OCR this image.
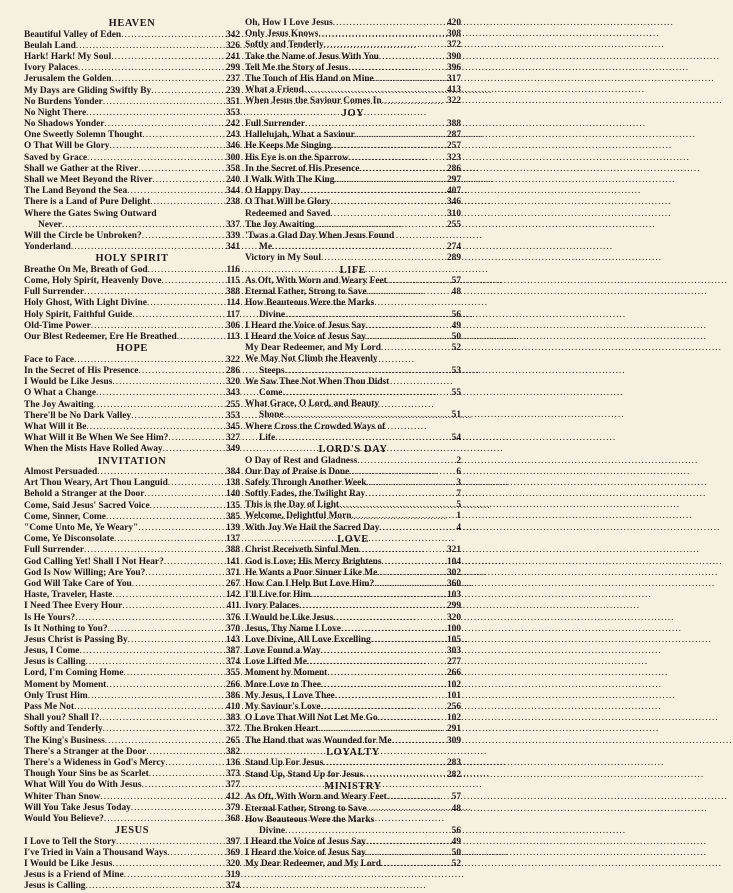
HEAVEN
Beautiful Valley of Eden .....	342
Beulah Land .....	326
Hark! Hark! My Soul .....	241
Ivory Palaces .....	299
Jerusalem the Golden .....	237
My Days are Gliding Swiftly By .....	239
No Burdens Yonder .....	351
No Night There .....	353
No Shadows Yonder .....	242
One Sweetly Solemn Thought .....	243
O That Will be Glory .....	346
Saved by Grace .....	300
Shall we Gather at the River .....	358
Shall we Meet Beyond the River .....	240
The Land Beyond the Sea .....	344
There is a Land of Pure Delight .....	238
Where the Gates Swing Outward
Never .....	337
Will the Circle be Unbroken? .....	339
Yonderland .....	341
HOLY SPIRIT
Breathe On Me, Breath of God .....	116
Come, Holy Spirit, Heavenly Dove .....	115
Full Surrender .....	388
Holy Ghost, With Light Divine .....	114
Holy Spirit, Faithful Guide .....	117
Old-Time Power .....	306
Our Blest Redeemer, Ere He Breathed .....	113
HOPE
Face to Face .....	322
In the Secret of His Presence .....	286
I Would be Like Jesus .....	320
O What a Change .....	343
The Joy Awaiting .....	255
There'll be No Dark Valley .....	353
What Will it Be .....	345
What Will it Be When We See Him? .....	327
When the Mists Have Rolled Away .....	349
INVITATION
Almost Persuaded .....	384
Art Thou Weary, Art Thou Languid .....	138
Behold a Stranger at the Door .....	140
Come, Said Jesus' Sacred Voice .....	135
Come, Sinner, Come .....	385
"Come Unto Me, Ye Weary" .....	139
Come, Ye Disconsolate .....	137
Full Surrender .....	388
God Calling Yet! Shall I Not Hear? .....	141
God Is Now Willing; Are You? .....	371
God Will Take Care of You .....	267
Haste, Traveler, Haste .....	142
I Need Thee Every Hour .....	411
Is He Yours? .....	376
Is It Nothing to You? .....	370
Jesus Christ is Passing By .....	143
Jesus, I Come .....	387
Jesus is Calling .....	374
Lord, I'm Coming Home .....	355
Moment by Moment .....	266
Only Trust Him .....	386
Pass Me Not .....	410
Shall you? Shall I? .....	383
Softly and Tenderly .....	372
The King's Business .....	265
There's a Stranger at the Door .....	382
There's a Wideness in God's Mercy .....	136
Though Your Sins be as Scarlet .....	373
What Will You do With Jesus .....	377
Whiter Than Snow .....	412
Will You Take Jesus Today .....	379
Would You Believe? .....	368
JESUS
I Love to Tell the Story .....	397
I've Tried in Vain a Thousand Ways .....	369
I Would be Like Jesus .....	320
Jesus is a Friend of Mine .....	319
Jesus is Calling .....	374
Oh, How I Love Jesus .....	420
Only Jesus Knows .....	308
Softly and Tenderly .....	372
Take the Name of Jesus With You .....	390
Tell Me the Story of Jesus .....	396
The Touch of His Hand on Mine .....	317
What a Friend .....	413
When Jesus the Saviour Comes In .....	322
JOY
Full Surrender .....	388
Hallelujah, What a Saviour .....	287
He Keeps Me Singing .....	257
His Eye is on the Sparrow .....	323
In the Secret of His Presence .....	286
I Walk With The King .....	297
O Happy Day .....	407
O That Will be Glory .....	346
Redeemed and Saved .....	310
The Joy Awaiting .....	255
'Twas a Glad Day When Jesus Found
Me .....	274
Victory in My Soul .....	289
LIFE
As Oft, With Worn and Weary Feet .....	57
Eternal Father, Strong to Save .....	48
How Beauteous Were the Marks
Divine .....	56
I Heard the Voice of Jesus Say .....	49
I Heard the Voice of Jesus Say .....	50
My Dear Redeemer, and My Lord .....	52
We May Not Climb the Heavenly
Steeps .....	53
We Saw Thee Not When Thou Didst
Come .....	55
What Grace, O Lord, and Beauty
Shone .....	51
Where Cross the Crowded Ways of
Life .....	54
LORD'S DAY
O Day of Rest and Gladness .....	2
Our Day of Praise is Done .....	6
Safely Through Another Week .....	3
Softly Fades, the Twilight Ray .....	7
This is the Day of Light .....	5
Welcome, Delightful Morn .....	1
With Joy We Hail the Sacred Day .....	4
LOVE
Christ Receiveth Sinful Men .....	321
God is Love; His Mercy Brightens .....	104
He Wants a Poor Sinner Like Me .....	302
How Can I Help But Love Him? .....	360
I'll Live for Him .....	103
Ivory Palaces .....	299
I Would be Like Jesus .....	320
Jesus, Thy Name I Love .....	100
Love Divine, All Love Excelling .....	105
Love Found a Way .....	303
Love Lifted Me .....	277
Moment by Moment .....	266
More Love to Thee .....	102
My Jesus, I Love Thee .....	101
My Saviour's Love .....	256
O Love That Will Not Let Me Go .....	102
The Broken Heart .....	291
The Hand that was Wounded for Me .....	309
LOYALTY
Stand Up For Jesus .....	283
Stand Up, Stand Up for Jesus .....	282
MINISTRY
As Oft, With Worn and Weary Feet .....	57
Eternal Father, Strong to Save .....	48
How Beauteous Were the Marks
Divine .....	56
I Heard the Voice of Jesus Say .....	49
I Heard the Voice of Jesus Say .....	50
My Dear Redeemer, and My Lord .....	52
